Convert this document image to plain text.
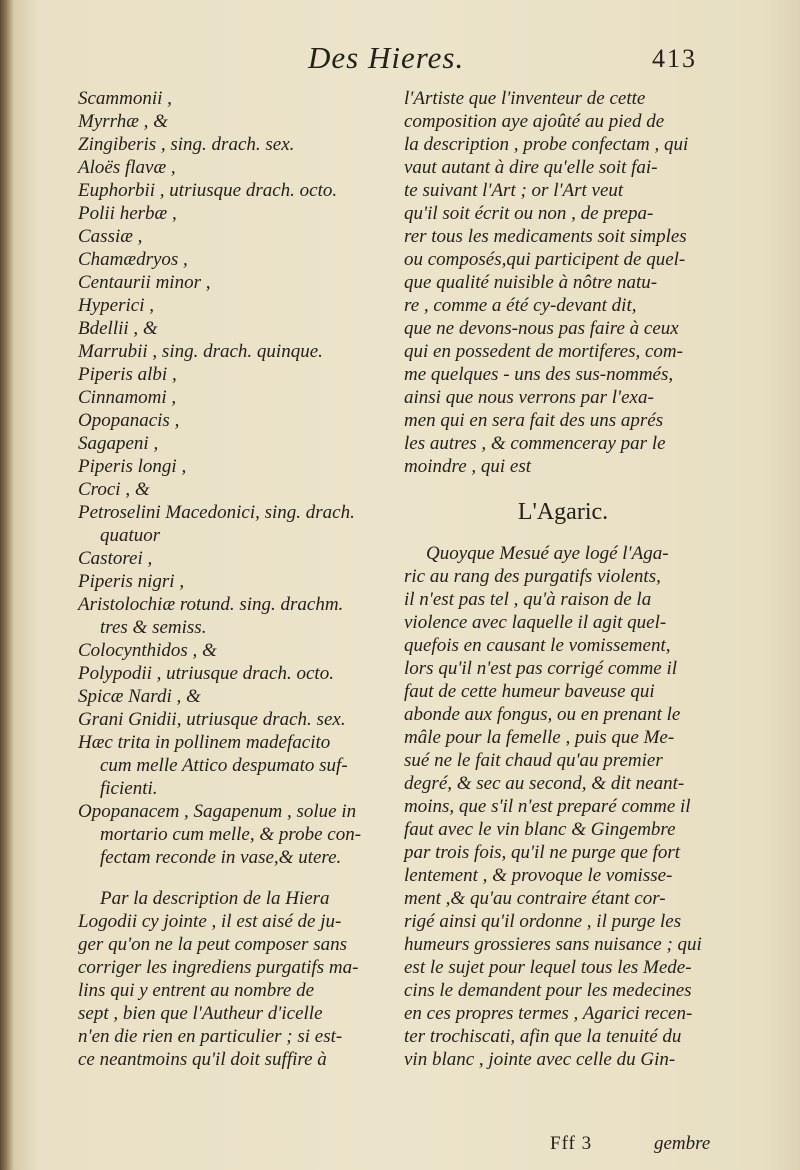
Des Hieres.	413
Scammonii ,
Myrrhæ , &
Zingiberis , sing. drach. sex.
Aloës flavæ ,
Euphorbii , utriusque drach. octo.
Polii herbæ ,
Cassiæ ,
Chamædryos ,
Centaurii minor ,
Hyperici ,
Bdellii , &
Marrubii , sing. drach. quinque.
Piperis albi ,
Cinnamomi ,
Opopanacis ,
Sagapeni ,
Piperis longi ,
Croci , &
Petroselini Macedonici, sing. drach.
quatuor
Castorei ,
Piperis nigri ,
Aristolochiæ rotund. sing. drachm.
tres & semiss.
Colocynthidos , &
Polypodii , utriusque drach. octo.
Spicæ Nardi , &
Grani Gnidii, utriusque drach. sex.
Hæc trita in pollinem madefacito
cum melle Attico despumato suf-
ficienti.
Opopanacem , Sagapenum , solue in
mortario cum melle, & probe con-
fectam reconde in vase,& utere.
Par la description de la Hiera
Logodii cy jointe , il est aisé de ju-
ger qu'on ne la peut composer sans
corriger les ingrediens purgatifs ma-
lins qui y entrent au nombre de
sept , bien que l'Autheur d'icelle
n'en die rien en particulier ; si est-
ce neantmoins qu'il doit suffire à
l'Artiste que l'inventeur de cette
composition aye ajoûté au pied de
la description , probe confectam , qui
vaut autant à dire qu'elle soit fai-
te suivant l'Art ; or l'Art veut
qu'il soit écrit ou non , de prepa-
rer tous les medicaments soit simples
ou composés,qui participent de quel-
que qualité nuisible à nôtre natu-
re , comme a été cy-devant dit,
que ne devons-nous pas faire à ceux
qui en possedent de mortiferes, com-
me quelques - uns des sus-nommés,
ainsi que nous verrons par l'exa-
men qui en sera fait des uns aprés
les autres , & commenceray par le
moindre , qui est
L'Agaric.
Quoyque Mesué aye logé l'Aga-
ric au rang des purgatifs violents,
il n'est pas tel , qu'à raison de la
violence avec laquelle il agit quel-
quefois en causant le vomissement,
lors qu'il n'est pas corrigé comme il
faut de cette humeur baveuse qui
abonde aux fongus, ou en prenant le
mâle pour la femelle , puis que Me-
sué ne le fait chaud qu'au premier
degré, & sec au second, & dit neant-
moins, que s'il n'est preparé comme il
faut avec le vin blanc & Gingembre
par trois fois, qu'il ne purge que fort
lentement , & provoque le vomisse-
ment ,& qu'au contraire étant cor-
rigé ainsi qu'il ordonne , il purge les
humeurs grossieres sans nuisance ; qui
est le sujet pour lequel tous les Mede-
cins le demandent pour les medecines
en ces propres termes , Agarici recen-
ter trochiscati, afin que la tenuité du
vin blanc , jointe avec celle du Gin-
Fff 3	gembre
